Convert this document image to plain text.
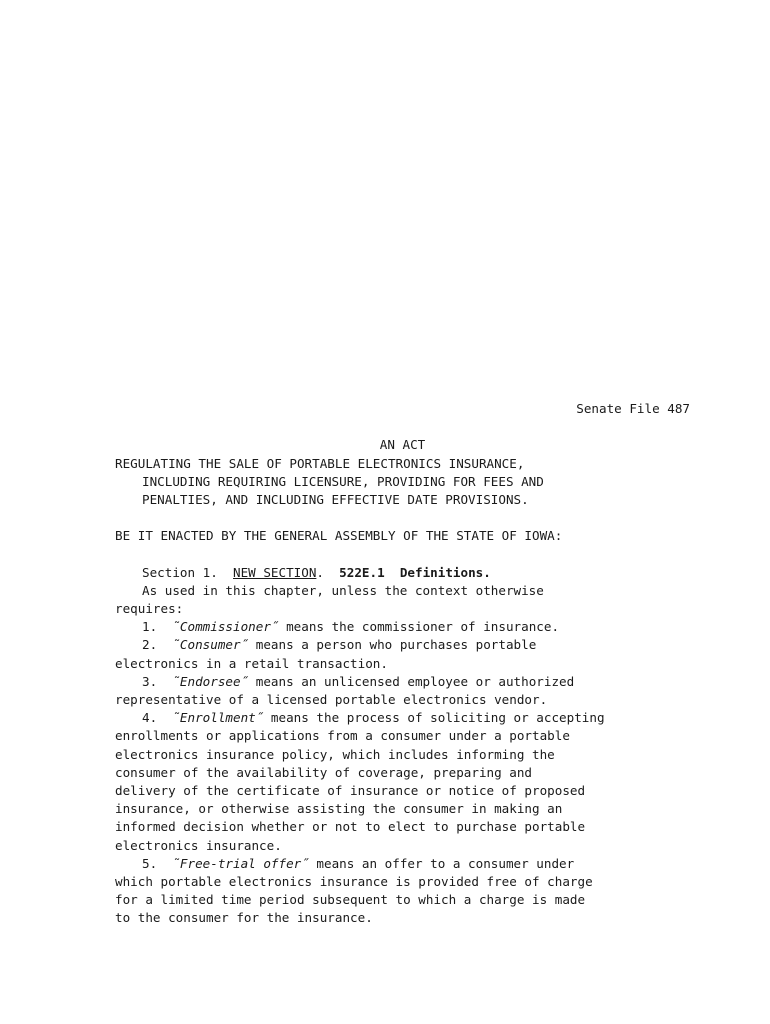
Senate File 487
AN ACT
REGULATING THE SALE OF PORTABLE ELECTRONICS INSURANCE,
INCLUDING REQUIRING LICENSURE, PROVIDING FOR FEES AND
PENALTIES, AND INCLUDING EFFECTIVE DATE PROVISIONS.
BE IT ENACTED BY THE GENERAL ASSEMBLY OF THE STATE OF IOWA:
Section 1. NEW SECTION. 522E.1 Definitions.
As used in this chapter, unless the context otherwise
requires:
1. ˜Commissioner˝ means the commissioner of insurance.
2. ˜Consumer˝ means a person who purchases portable
electronics in a retail transaction.
3. ˜Endorsee˝ means an unlicensed employee or authorized
representative of a licensed portable electronics vendor.
4. ˜Enrollment˝ means the process of soliciting or accepting
enrollments or applications from a consumer under a portable
electronics insurance policy, which includes informing the
consumer of the availability of coverage, preparing and
delivery of the certificate of insurance or notice of proposed
insurance, or otherwise assisting the consumer in making an
informed decision whether or not to elect to purchase portable
electronics insurance.
5. ˜Free-trial offer˝ means an offer to a consumer under
which portable electronics insurance is provided free of charge
for a limited time period subsequent to which a charge is made
to the consumer for the insurance.
